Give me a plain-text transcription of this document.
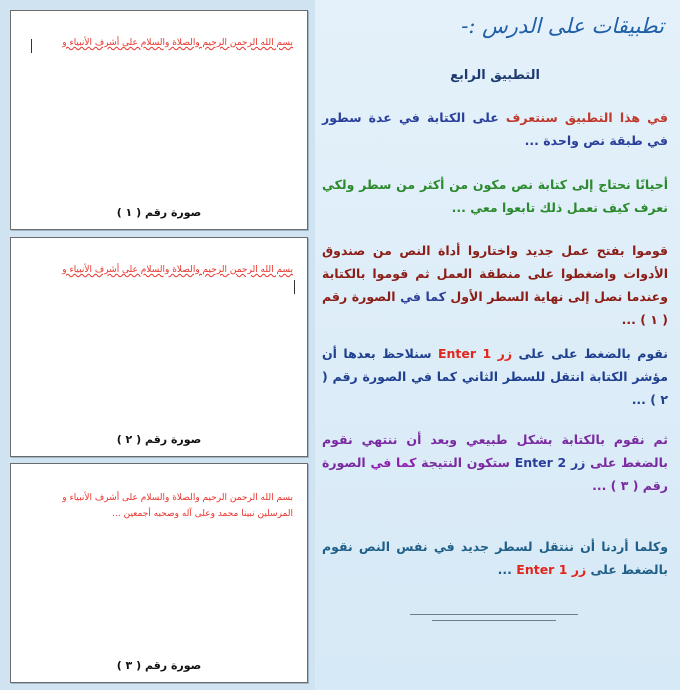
بسم الله الرحمن الرحيم والصلاة والسلام على أشرف الأنبياء و
صورة رقم ( ١ )
بسم الله الرحمن الرحيم والصلاة والسلام على أشرف الأنبياء و
صورة رقم ( ٢ )
بسم الله الرحمن الرحيم والصلاة والسلام على أشرف الأنبياء و
المرسلين نبينا محمد وعلى آله وصحبه أجمعين ...
صورة رقم ( ٣ )
تطبيقات على الدرس :-
التطبيق الرابع
في هذا التطبيق سنتعرف على الكتابة في عدة سطور في طبقة نص واحدة ...
أحيانًا نحتاج إلى كتابة نص مكون من أكثر من سطر ولكي نعرف كيف نعمل ذلك تابعوا معي ...
قوموا بفتح عمل جديد واختاروا أداة النص من صندوق الأدوات واضغطوا على منطقة العمل ثم قوموا بالكتابة وعندما نصل إلى نهاية السطر الأول كما في الصورة رقم ( ١ ) ...
نقوم بالضغط على على زر 1 Enter سنلاحظ بعدها أن مؤشر الكتابة انتقل للسطر الثاني كما في الصورة رقم ( ٢ ) ...
ثم نقوم بالكتابة بشكل طبيعي وبعد أن ننتهي نقوم بالضغط على زر 2 Enter ستكون النتيجة كما في الصورة رقم ( ٣ ) ...
وكلما أردنا أن ننتقل لسطر جديد في نفس النص نقوم بالضغط على زر 1 Enter ...
